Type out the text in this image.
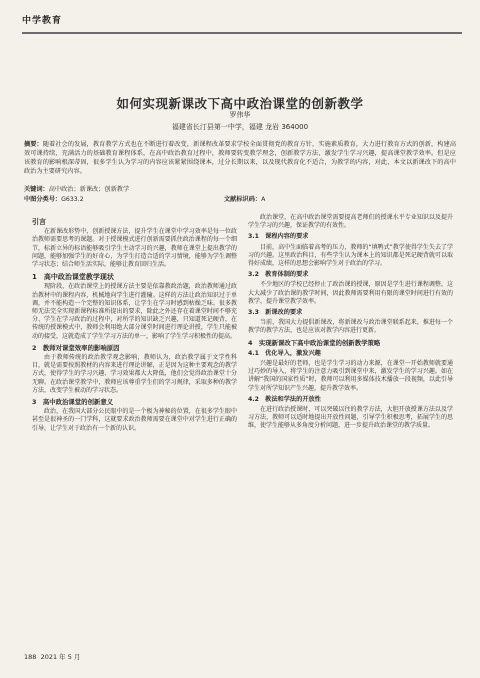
中学教育
如何实现新课改下高中政治课堂的创新教学
罗伟华
福建省长汀县第一中学，福建 龙岩 364000
摘要：随着社会的发展，教育教学方式也在不断进行着改变，新课程改革要求学校全面贯彻党的教育方针，实施素质教育，大力进行教育方式的创新，构建高效可课持续，充满活力的基础教育课程体系，在高中政治教育过程中，教师要转变教学理念，创新教学方法，激发学生学习兴趣，提高课堂教学效率。但是应该教育的影响根深蒂固，很多学生认为学习的内容应该紧紧围绕课本，过分长期以来，以及现代教育化不适合，为教学的内容，对此，本文以新课改下的高中政治为主要研究内容。
关键词：高中政治；新课改；创新教学
中图分类号：G633.2	文献标识码：A
引言

在新课改形势中，创新授课方法，提升学生在课堂中学习效率是每一位政治教师需要思考的课题。对于授课模式进行创新需要抓住政治课程的每一个细节，标新立异的标语能够吸引学生主动学习的兴趣，教师在课堂上提出教学的问题，能够加强学生的好奇心，为学生打造合适的学习情境，能够为学生调整学习状态；结合师生活实际，能够让教育回归生活。

1　高中政治课堂教学现状

现阶段，在政治课堂上的授课方法主要是依靠教政治题，政治教师通过政治教材中的课程内容，机械地向学生进行灌输。这样的方法让政治知识过于单调，并不能构造一个完整的知识体系，让学生在学习时感到枯燥乏味。很多教师无法完全实现新课程标准所提出的要求，除此之外还存在着课堂时间不够充分、学生在学习政治的过程中，对所学的知识缺乏兴趣，只知道死记硬背，在传统的授课模式中，教师会利用绝大部分课堂时间进行理论讲授，学生只能被动的接受，这就造成了学生学习方法的单一，影响了学生学习积极性的提高。

2　教师对课堂效率的影响原因

由于教师传统的政治教学观念影响，教师认为，政治教学属于文学性科目，就是需要按照教材的内容来进行理论讲解，正是因为这种主要观念的教学方式，使得学生的学习兴趣、学习效果都大大降低，他们会觉得政治课堂十分无聊。在政治课堂教学中，教师应该尊重学生们的学习规律，采取多种的教学方法，改变学生被动的学习状态。

3　高中政治课堂的创新意义

政治，在我国大部分公民眼中的是一个极为神秘的位置，在很多学生眼中甚至是很神圣的一门学科，这就要求政治教师需要在课堂中对学生进行正确的引导，让学生对于政治有一个新的认识。

政治课堂，在高中政治课堂需要提高老师们的授课水平专业知识以及提升学生学习的兴趣，保证教学的有效性。

3.1　课程内容的要求

目前，高中生面临着高考的压力，教师的“填鸭式”教学使得学生失去了学习的兴趣。这里政治科目，有些学生认为课本上的知识都是死记硬背就可以取得好成绩，这样的思想会影响学生对于政治的学习。

3.2　教育体制的要求

不少地区的学校已经停止了政治课的授课，原因是学生进行课程调整，这大大减少了政治课的教学时间，因此教师需要利用有限的课堂时间进行有效的教学，提升课堂教学效率。

3.3　新课改的要求

当前，我国大力提倡新课改，将新课改与政治课堂联系起来，推进每一个教学的教学方法，也是应该对教学内容进行更新。

4　实现新课改下高中政治课堂的创新教学策略
4.1　优化导入，激发兴趣

兴趣是最好的老师，也是学生学习的动力来源，在课堂一开始教师就要通过巧妙的导入，将学生的注意力吸引到课堂中来，激发学生的学习兴趣。如在讲解“我国的国家性质”时，教师可以利用多媒体技术播放一段视频，以此引导学生对所学知识产生兴趣，提升教学效率。

4.2　教法和学法的开放性

在进行政治授课时，可以突破以往的教学方法，大胆开放授课方法以及学习方法，教师可以适时地提出开放性问题，引导学生积极思考，拓展学生的思维，使学生能够从多角度分析问题，进一步提升政治课堂的教学质量。

188 2021 年 5 月
